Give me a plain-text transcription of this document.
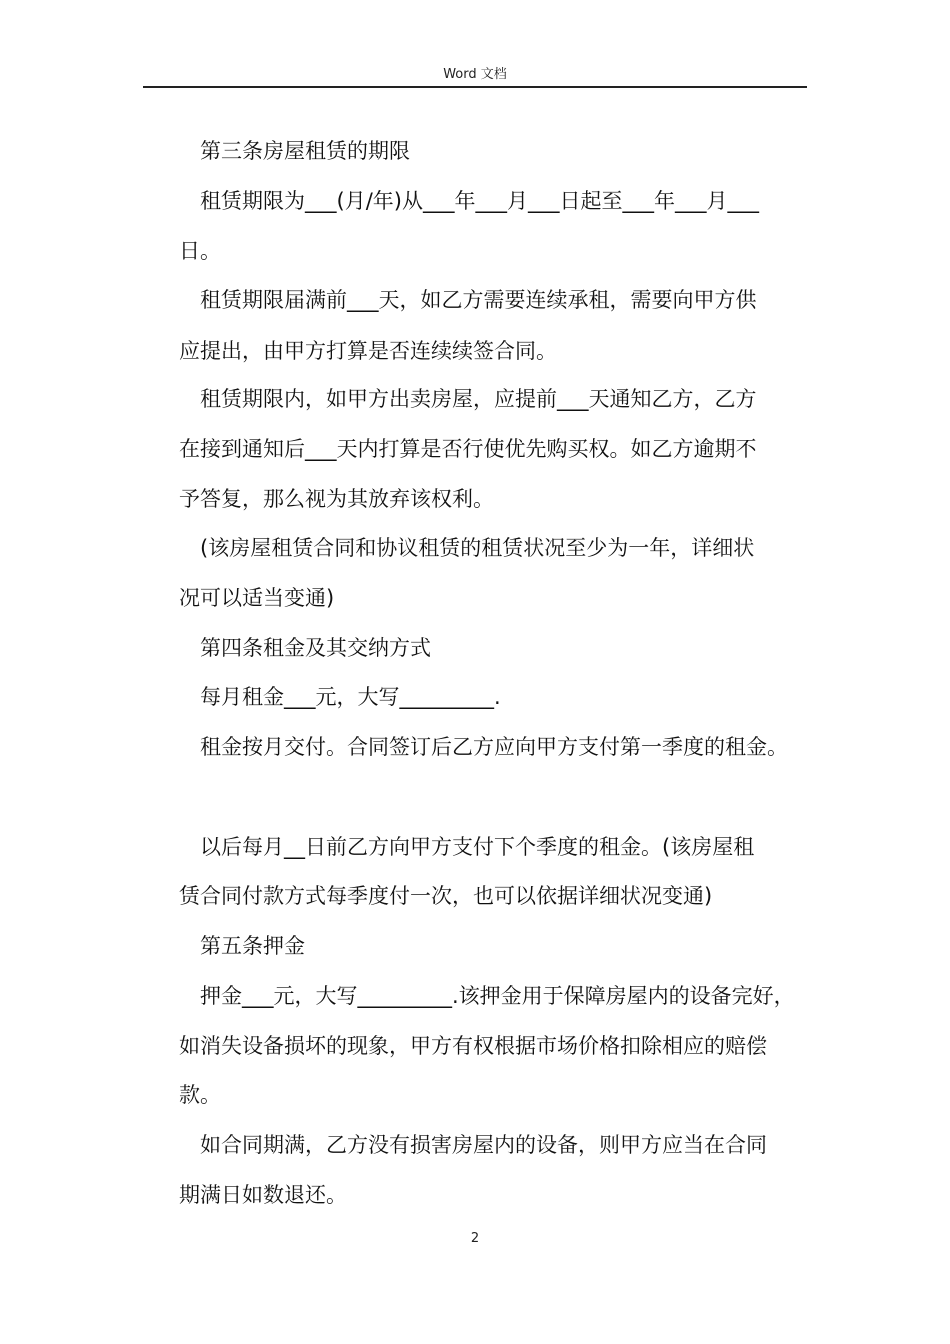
Word 文档
第三条房屋租赁的期限
租赁期限为___(月/年)从___年___月___日起至___年___月___
日。
租赁期限届满前___天，如乙方需要连续承租，需要向甲方供
应提出，由甲方打算是否连续续签合同。
租赁期限内，如甲方出卖房屋，应提前___天通知乙方，乙方
在接到通知后___天内打算是否行使优先购买权。如乙方逾期不
予答复，那么视为其放弃该权利。
(该房屋租赁合同和协议租赁的租赁状况至少为一年，详细状
况可以适当变通)
第四条租金及其交纳方式
每月租金___元，大写_________.
租金按月交付。合同签订后乙方应向甲方支付第一季度的租金。
以后每月__日前乙方向甲方支付下个季度的租金。(该房屋租
赁合同付款方式每季度付一次，也可以依据详细状况变通)
第五条押金
押金___元，大写_________.该押金用于保障房屋内的设备完好，
如消失设备损坏的现象，甲方有权根据市场价格扣除相应的赔偿
款。
如合同期满，乙方没有损害房屋内的设备，则甲方应当在合同
期满日如数退还。
2
